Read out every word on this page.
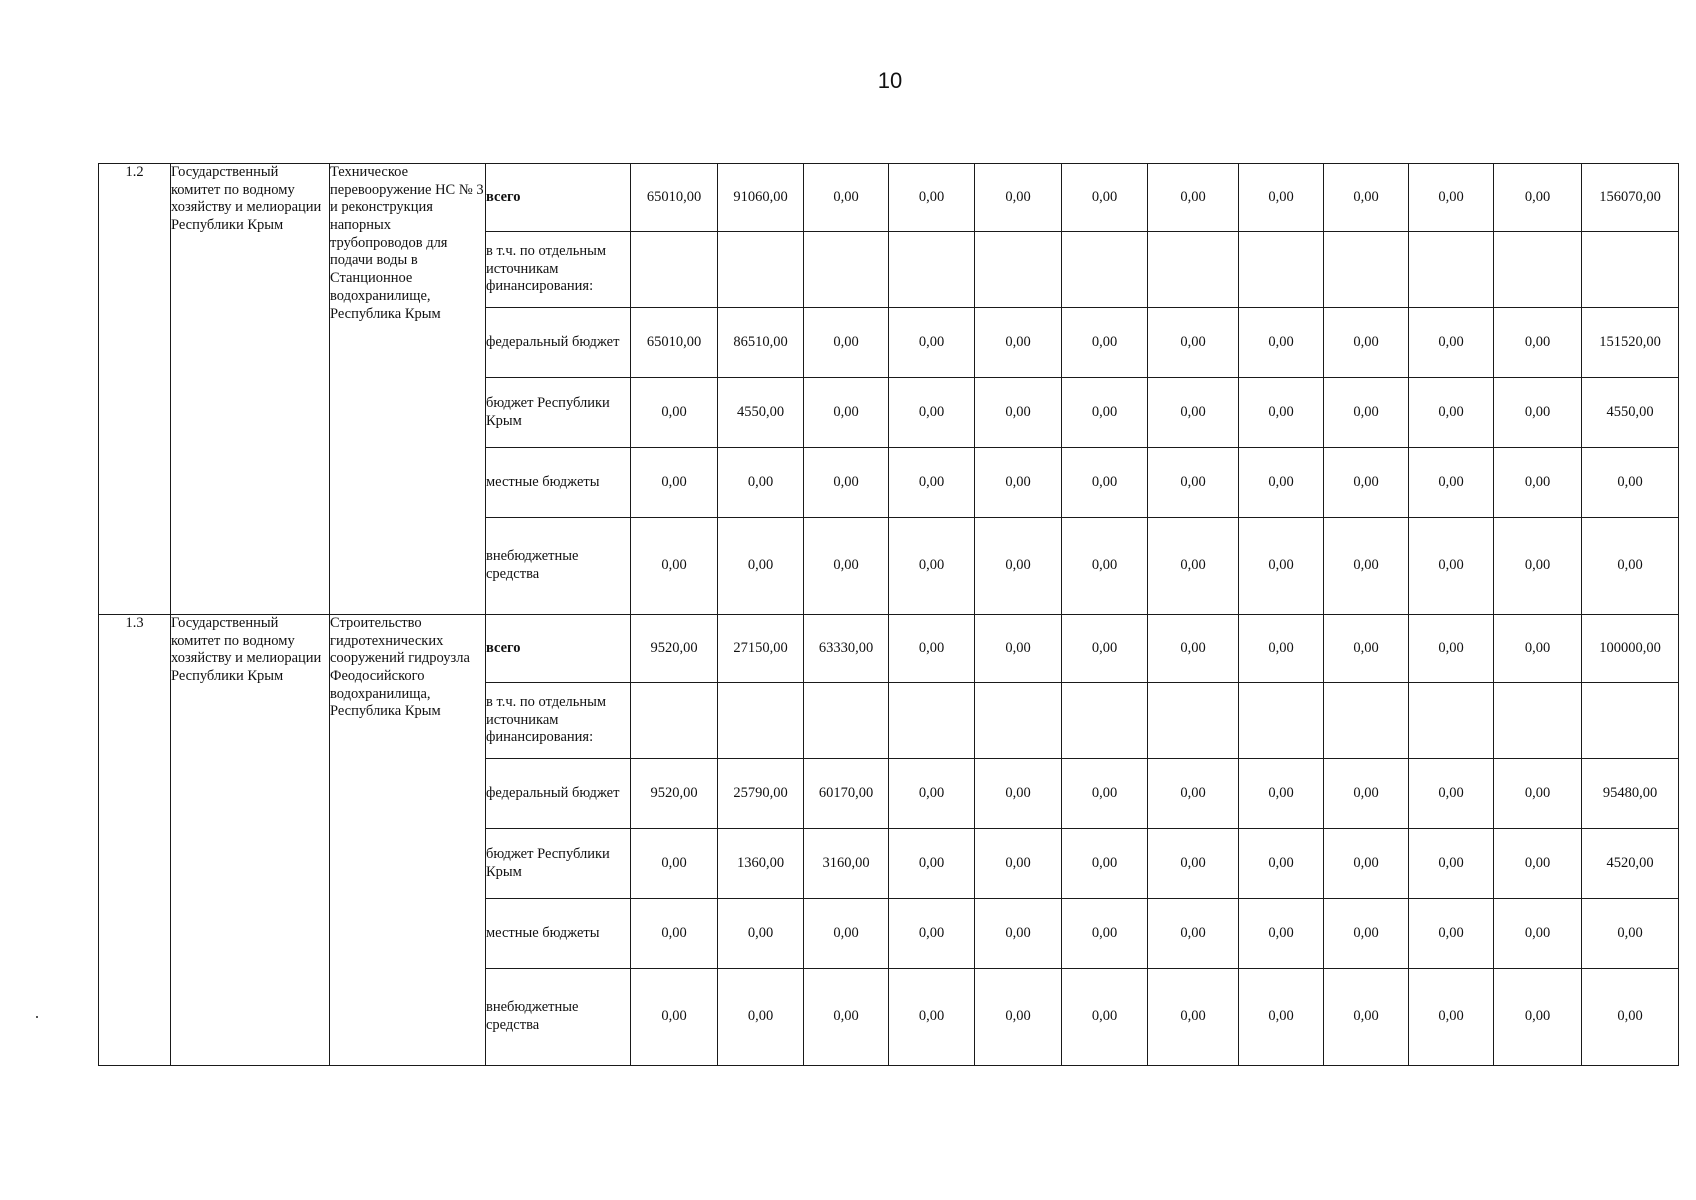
10
1.2	Государственный комитет по водному хозяйству и мелиорации Республики Крым	Техническое перевооружение НС № 3 и реконструкция напорных трубопроводов для подачи воды в Станционное водохранилище, Республика Крым	всего	65010,00	91060,00	0,00	0,00	0,00	0,00	0,00	0,00	0,00	0,00	0,00	156070,00
			в т.ч. по отдельным источникам финансирования:												
			федеральный бюджет	65010,00	86510,00	0,00	0,00	0,00	0,00	0,00	0,00	0,00	0,00	0,00	151520,00
			бюджет Республики Крым	0,00	4550,00	0,00	0,00	0,00	0,00	0,00	0,00	0,00	0,00	0,00	4550,00
			местные бюджеты	0,00	0,00	0,00	0,00	0,00	0,00	0,00	0,00	0,00	0,00	0,00	0,00
			внебюджетные средства	0,00	0,00	0,00	0,00	0,00	0,00	0,00	0,00	0,00	0,00	0,00	0,00
1.3	Государственный комитет по водному хозяйству и мелиорации Республики Крым	Строительство гидротехнических сооружений гидроузла Феодосийского водохранилища, Республика Крым	всего	9520,00	27150,00	63330,00	0,00	0,00	0,00	0,00	0,00	0,00	0,00	0,00	100000,00
			в т.ч. по отдельным источникам финансирования:												
			федеральный бюджет	9520,00	25790,00	60170,00	0,00	0,00	0,00	0,00	0,00	0,00	0,00	0,00	95480,00
			бюджет Республики Крым	0,00	1360,00	3160,00	0,00	0,00	0,00	0,00	0,00	0,00	0,00	0,00	4520,00
			местные бюджеты	0,00	0,00	0,00	0,00	0,00	0,00	0,00	0,00	0,00	0,00	0,00	0,00
			внебюджетные средства	0,00	0,00	0,00	0,00	0,00	0,00	0,00	0,00	0,00	0,00	0,00	0,00
